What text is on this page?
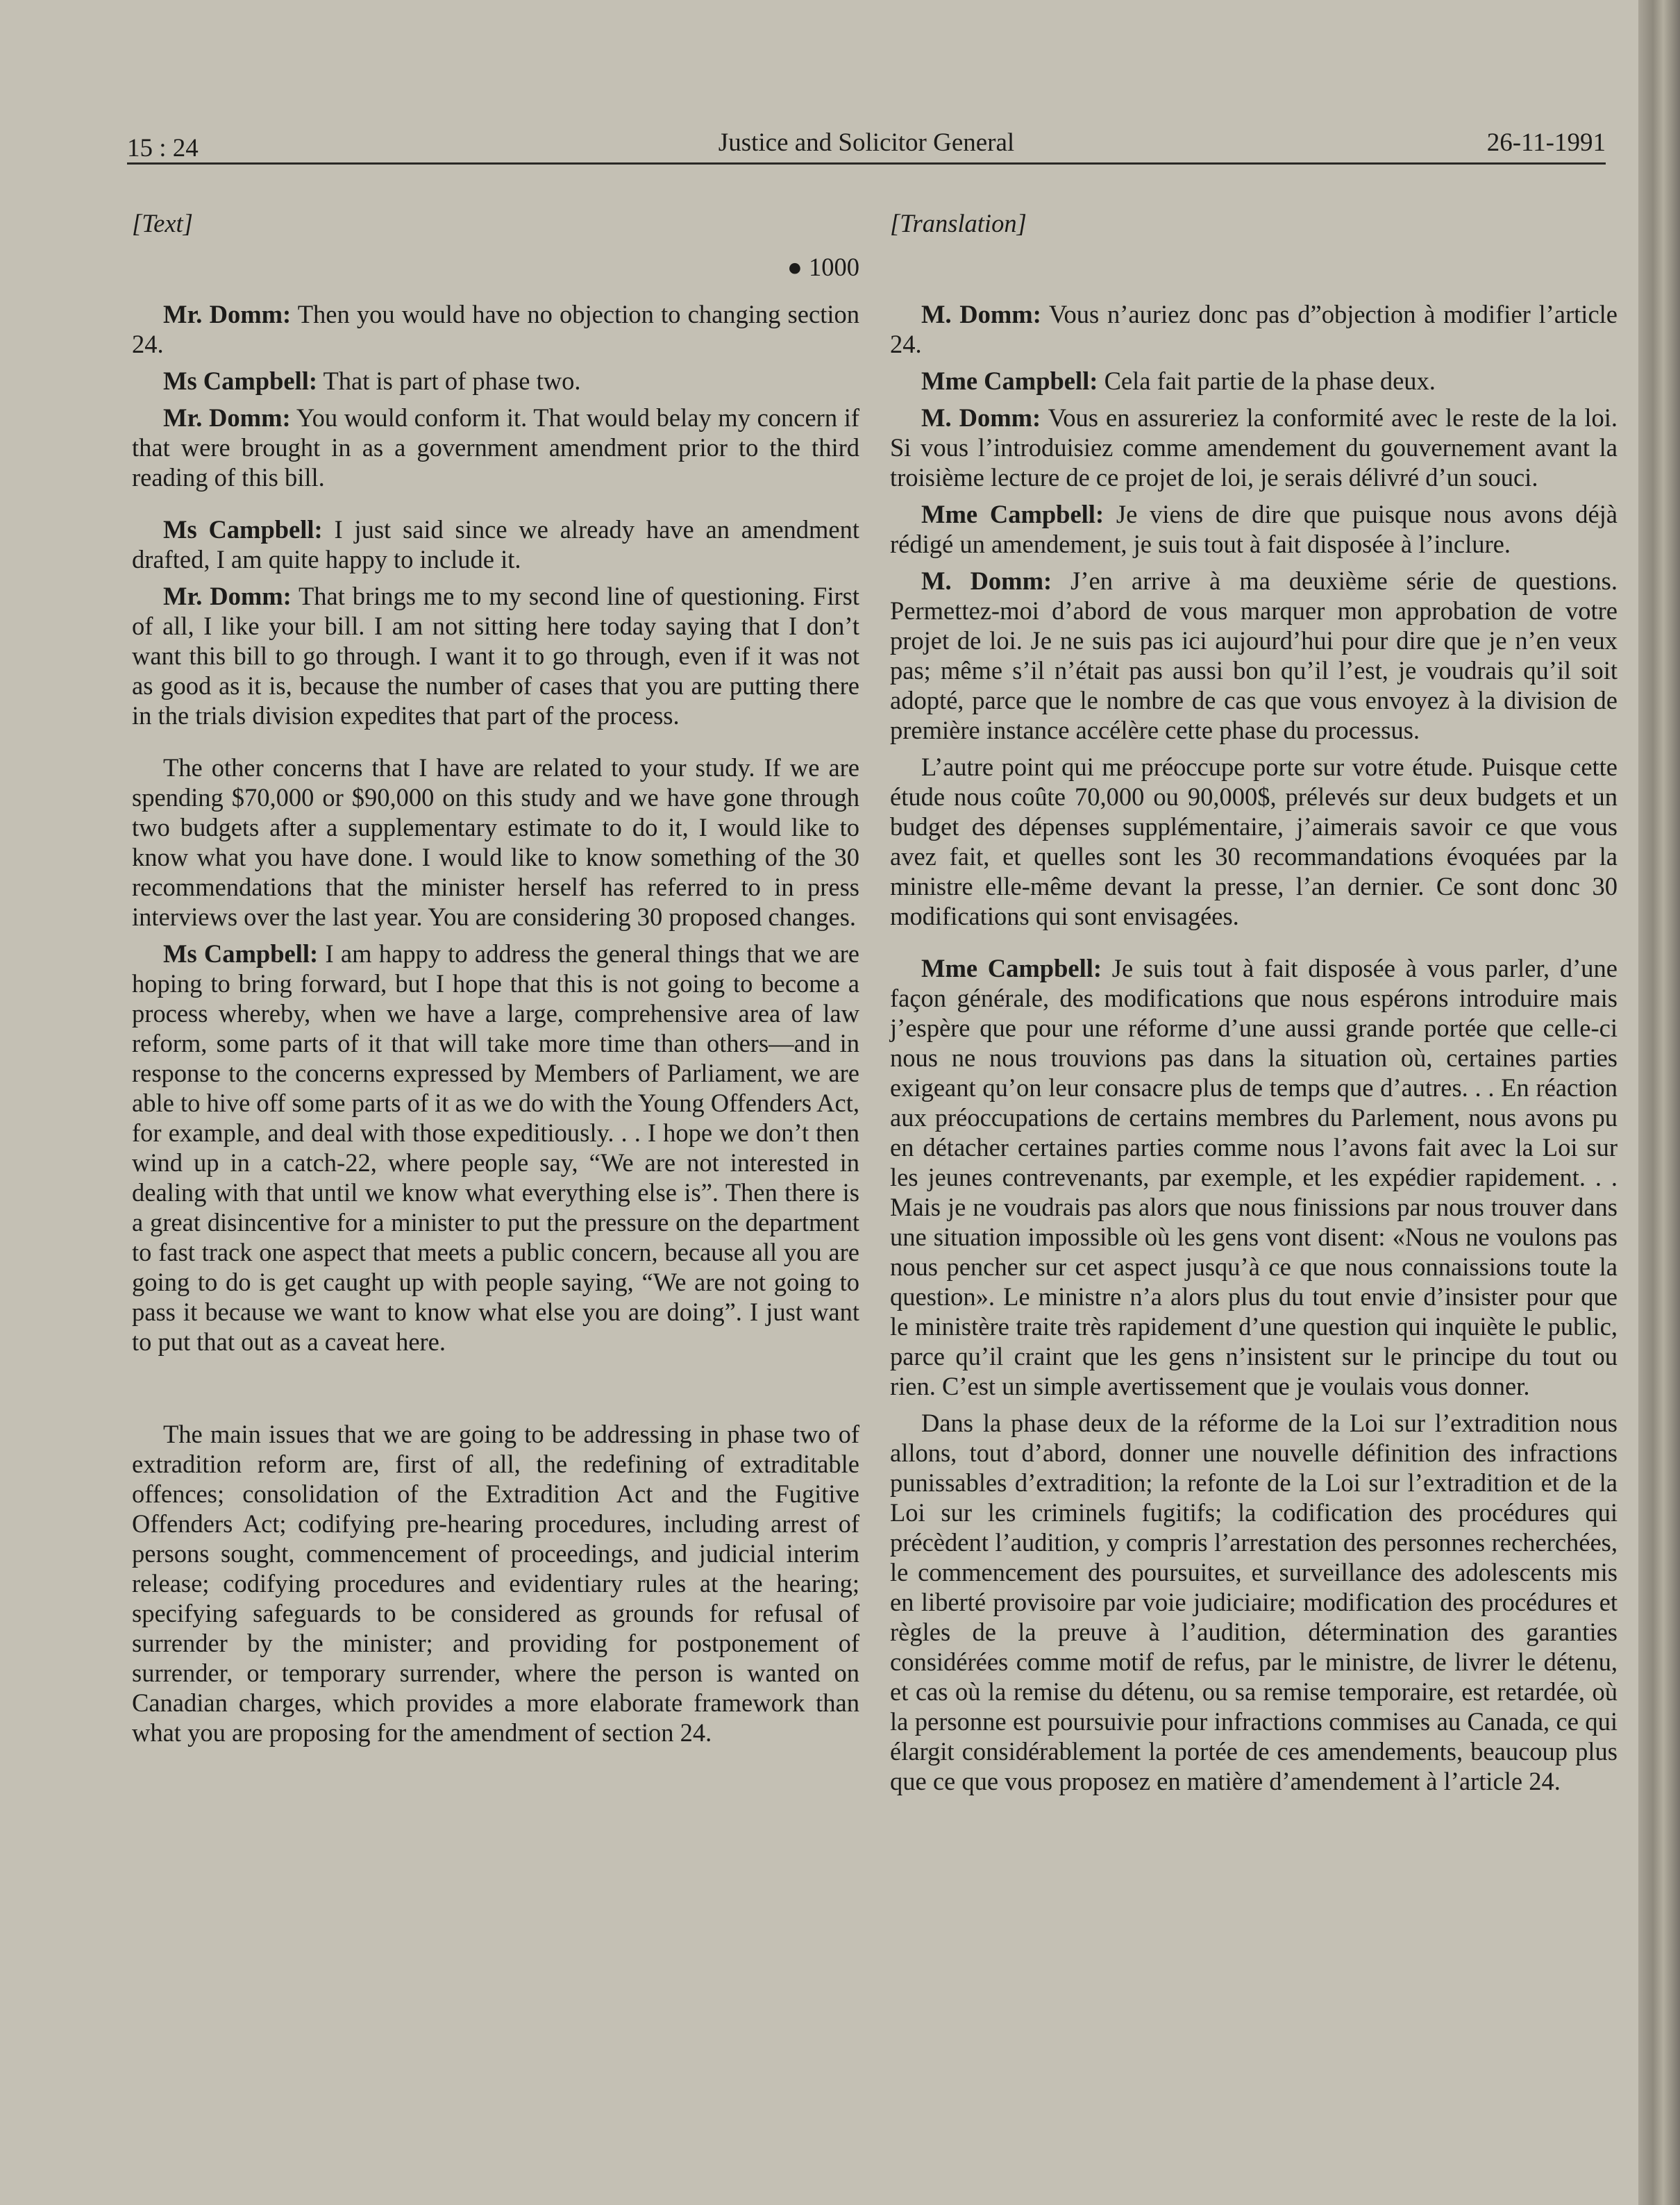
15 : 24	Justice and Solicitor General	26-11-1991

[Text]

● 1000

Mr. Domm: Then you would have no objection to changing section 24.

Ms Campbell: That is part of phase two.

Mr. Domm: You would conform it. That would belay my concern if that were brought in as a government amendment prior to the third reading of this bill.

Ms Campbell: I just said since we already have an amendment drafted, I am quite happy to include it.

Mr. Domm: That brings me to my second line of questioning. First of all, I like your bill. I am not sitting here today saying that I don’t want this bill to go through. I want it to go through, even if it was not as good as it is, because the number of cases that you are putting there in the trials division expedites that part of the process.

The other concerns that I have are related to your study. If we are spending $70,000 or $90,000 on this study and we have gone through two budgets after a supplementary estimate to do it, I would like to know what you have done. I would like to know something of the 30 recommendations that the minister herself has referred to in press interviews over the last year. You are considering 30 proposed changes.

Ms Campbell: I am happy to address the general things that we are hoping to bring forward, but I hope that this is not going to become a process whereby, when we have a large, comprehensive area of law reform, some parts of it that will take more time than others—and in response to the concerns expressed by Members of Parliament, we are able to hive off some parts of it as we do with the Young Offenders Act, for example, and deal with those expeditiously. . . I hope we don’t then wind up in a catch-22, where people say, “We are not interested in dealing with that until we know what everything else is”. Then there is a great disincentive for a minister to put the pressure on the department to fast track one aspect that meets a public concern, because all you are going to do is get caught up with people saying, “We are not going to pass it because we want to know what else you are doing”. I just want to put that out as a caveat here.

The main issues that we are going to be addressing in phase two of extradition reform are, first of all, the redefining of extraditable offences; consolidation of the Extradition Act and the Fugitive Offenders Act; codifying pre-hearing procedures, including arrest of persons sought, commencement of proceedings, and judicial interim release; codifying procedures and evidentiary rules at the hearing; specifying safeguards to be considered as grounds for refusal of surrender by the minister; and providing for postponement of surrender, or temporary surrender, where the person is wanted on Canadian charges, which provides a more elaborate framework than what you are proposing for the amendment of section 24.

[Translation]

M. Domm: Vous n’auriez donc pas d”objection à modifier l’article 24.

Mme Campbell: Cela fait partie de la phase deux.

M. Domm: Vous en assureriez la conformité avec le reste de la loi. Si vous l’introduisiez comme amendement du gouvernement avant la troisième lecture de ce projet de loi, je serais délivré d’un souci.

Mme Campbell: Je viens de dire que puisque nous avons déjà rédigé un amendement, je suis tout à fait disposée à l’inclure.

M. Domm: J’en arrive à ma deuxième série de questions. Permettez-moi d’abord de vous marquer mon approbation de votre projet de loi. Je ne suis pas ici aujourd’hui pour dire que je n’en veux pas; même s’il n’était pas aussi bon qu’il l’est, je voudrais qu’il soit adopté, parce que le nombre de cas que vous envoyez à la division de première instance accélère cette phase du processus.

L’autre point qui me préoccupe porte sur votre étude. Puisque cette étude nous coûte 70,000 ou 90,000$, prélevés sur deux budgets et un budget des dépenses supplémentaire, j’aimerais savoir ce que vous avez fait, et quelles sont les 30 recommandations évoquées par la ministre elle-même devant la presse, l’an dernier. Ce sont donc 30 modifications qui sont envisagées.

Mme Campbell: Je suis tout à fait disposée à vous parler, d’une façon générale, des modifications que nous espérons introduire mais j’espère que pour une réforme d’une aussi grande portée que celle-ci nous ne nous trouvions pas dans la situation où, certaines parties exigeant qu’on leur consacre plus de temps que d’autres. . . En réaction aux préoccupations de certains membres du Parlement, nous avons pu en détacher certaines parties comme nous l’avons fait avec la Loi sur les jeunes contrevenants, par exemple, et les expédier rapidement. . . Mais je ne voudrais pas alors que nous finissions par nous trouver dans une situation impossible où les gens vont disent: «Nous ne voulons pas nous pencher sur cet aspect jusqu’à ce que nous connaissions toute la question». Le ministre n’a alors plus du tout envie d’insister pour que le ministère traite très rapidement d’une question qui inquiète le public, parce qu’il craint que les gens n’insistent sur le principe du tout ou rien. C’est un simple avertissement que je voulais vous donner.

Dans la phase deux de la réforme de la Loi sur l’extradition nous allons, tout d’abord, donner une nouvelle définition des infractions punissables d’extradition; la refonte de la Loi sur l’extradition et de la Loi sur les criminels fugitifs; la codification des procédures qui précèdent l’audition, y compris l’arrestation des personnes recherchées, le commencement des poursuites, et surveillance des adolescents mis en liberté provisoire par voie judiciaire; modification des procédures et règles de la preuve à l’audition, détermination des garanties considérées comme motif de refus, par le ministre, de livrer le détenu, et cas où la remise du détenu, ou sa remise temporaire, est retardée, où la personne est poursuivie pour infractions commises au Canada, ce qui élargit considérablement la portée de ces amendements, beaucoup plus que ce que vous proposez en matière d’amendement à l’article 24.
